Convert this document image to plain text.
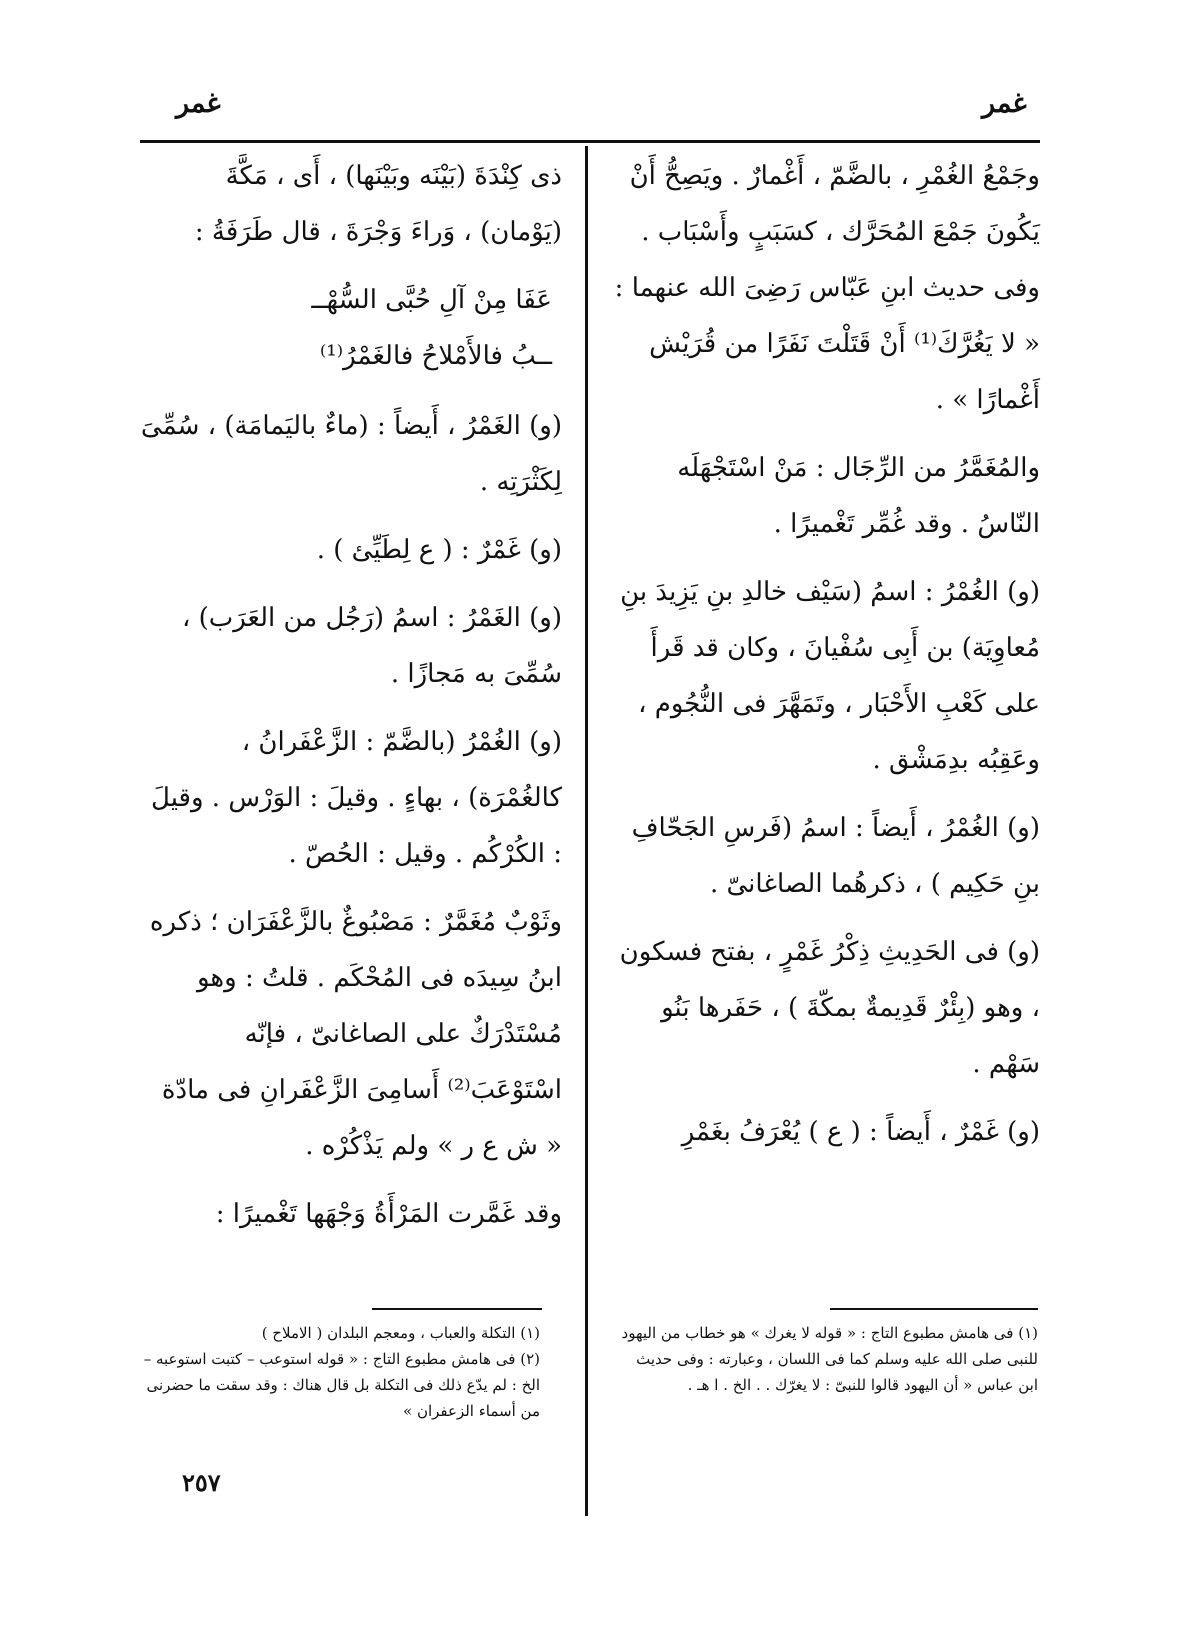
غمر
غمر

وجَمْعُ الغُمْرِ ، بالضَّمّ ، أَغْمارٌ . ويَصِحُّ أَنْ يَكُونَ جَمْعَ المُحَرَّك ، كسَبَبٍ وأَسْبَاب . وفى حديث ابنِ عَبّاس رَضِىَ الله عنهما : « لا يَغُرَّكَ⁽¹⁾ أَنْ قَتَلْتَ نَفَرًا من قُرَيْش أَغْمارًا » .

والمُغَمَّرُ من الرِّجَال : مَنْ اسْتَجْهَلَه النّاسُ . وقد غُمِّر تَغْميرًا .

(و) الغُمْرُ : اسمُ (سَيْف خالدِ بنِ يَزِيدَ بنِ مُعاوِيَة) بن أَبِى سُفْيانَ ، وكان قد قَرأَ على كَعْبِ الأَحْبَار ، وتَمَهَّرَ فى النُّجُوم ، وعَقِبُه بدِمَشْق .

(و) الغُمْرُ ، أَيضاً : اسمُ (فَرسِ الجَحّافِ بنِ حَكِيم ) ، ذكرهُما الصاغانىّ .

(و) فى الحَدِيثِ ذِكْرُ غَمْرٍ ، بفتح فسكون ، وهو (بِئْرٌ قَدِيمةٌ بمكّةَ ) ، حَفَرها بَنُو سَهْم .

(و) غَمْرٌ ، أَيضاً : ( ع ) يُعْرَفُ بغَمْرِ

ذى كِنْدَةَ (بَيْنَه وبَيْنَها) ، أَى ، مَكَّةَ (يَوْمان) ، وَراءَ وَجْرَةَ ، قال طَرَفَةُ :

عَفَا مِنْ آلِ حُبَّى السُّهْــ
ــبُ فالأَمْلاحُ فالغَمْرُ⁽¹⁾

(و) الغَمْرُ ، أَيضاً : (ماءٌ باليَمامَة) ، سُمِّىَ لِكَثْرَتِه .

(و) غَمْرٌ : ( ع لِطَيِّئ ) .

(و) الغَمْرُ : اسمُ (رَجُل من العَرَب) ، سُمِّىَ به مَجازًا .

(و) الغُمْرُ (بالضَّمّ : الزَّعْفَرانُ ، كالغُمْرَة) ، بهاءٍ . وقيلَ : الوَرْس . وقيلَ : الكُرْكُم . وقيل : الحُصّ .

وثَوْبٌ مُغَمَّرٌ : مَصْبُوغٌ بالزَّعْفَرَان ؛ ذكره ابنُ سِيدَه فى المُحْكَم . قلتُ : وهو مُسْتَدْرَكٌ على الصاغانىّ ، فإنّه اسْتَوْعَبَ⁽²⁾ أَسامِىَ الزَّعْفَرانِ فى مادّة « ش ع ر » ولم يَذْكُرْه .

وقد غَمَّرت المَرْأَةُ وَجْهَها تَغْميرًا :

(١) فى هامش مطبوع التاج : « قوله لا يغرك » هو خطاب من اليهود للنبى صلى الله عليه وسلم كما فى اللسان ، وعبارته : وفى حديث ابن عباس « أن اليهود قالوا للنبىّ : لا يغرّك . . الخ . ا هـ .

(١) التكلة والعباب ، ومعجم البلدان ( الاملاح )

(٢) فى هامش مطبوع التاج : « قوله استوعب – كتبت استوعبه – الخ : لم يدّع ذلك فى التكلة بل قال هناك : وقد سقت ما حضرنى من أسماء الزعفران »

٢٥٧
